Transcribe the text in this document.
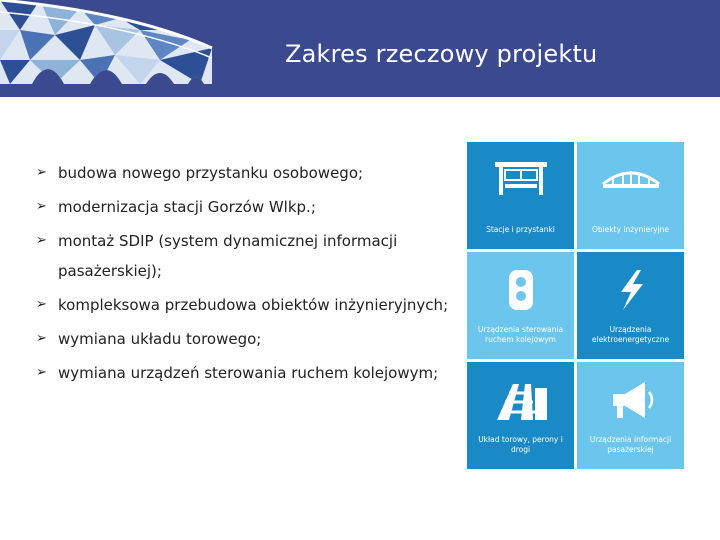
Zakres rzeczowy projektu
➢ budowa nowego przystanku osobowego;
➢ modernizacja stacji Gorzów Wlkp.;
➢ montaż SDIP (system dynamicznej informacji pasażerskiej);
➢ kompleksowa przebudowa obiektów inżynieryjnych;
➢ wymiana układu torowego;
➢ wymiana urządzeń sterowania ruchem kolejowym;
Stacje i przystanki	Obiekty inżynieryjne
Urządzenia sterowania ruchem kolejowym
Urządzenia elektroenergetyczne
Układ torowy, perony i drogi
Urządzenia informacji pasażerskiej
